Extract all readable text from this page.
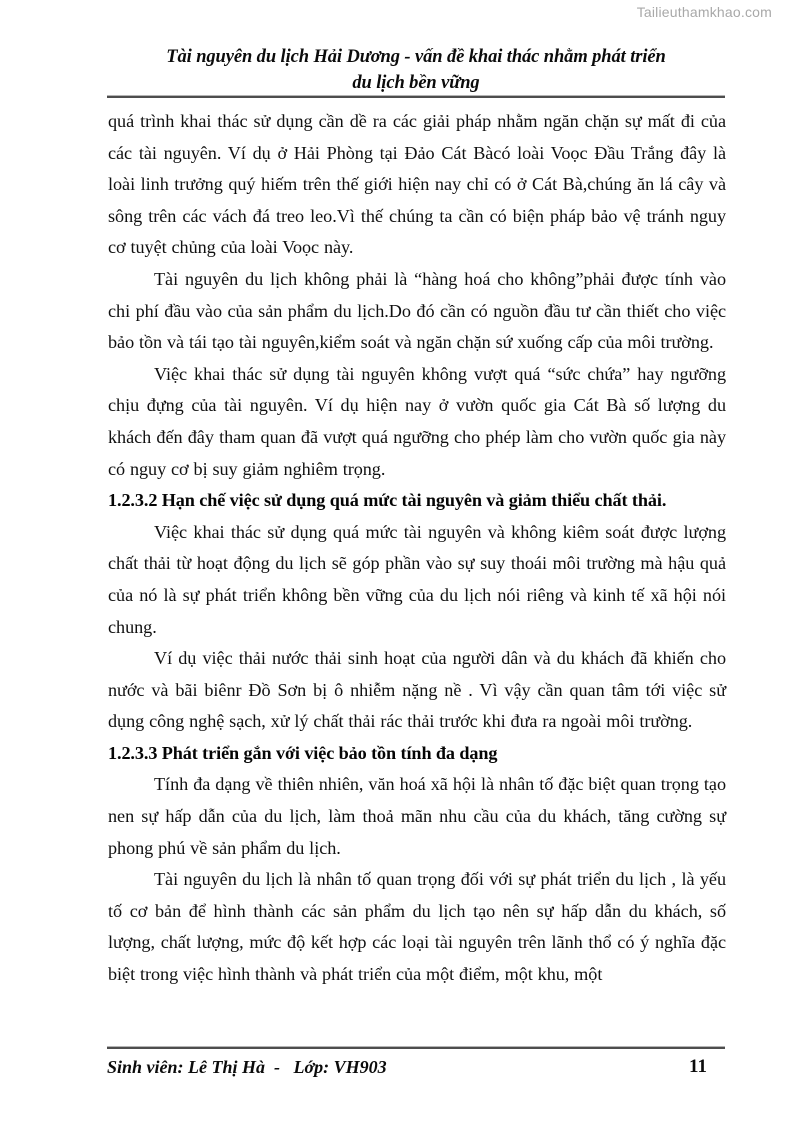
Tailieuthamkhao.com
Tài nguyên du lịch Hải Dương - vấn đề khai thác nhằm phát triển
du lịch bền vững

quá trình khai thác sử dụng cần dề ra các giải pháp nhằm ngăn chặn sự mất đi của các tài nguyên. Ví dụ ở Hải Phòng tại Đảo Cát Bàcó loài Voọc Đầu Trắng đây là loài linh trưởng quý hiếm trên thế giới hiện nay chỉ có ở Cát Bà,chúng ăn lá cây và sông trên các vách đá treo leo.Vì thế chúng ta cần có biện pháp bảo vệ tránh nguy cơ tuyệt chủng của loài Voọc này.

Tài nguyên du lịch không phải là “hàng hoá cho không”phải được tính vào chi phí đầu vào của sản phẩm du lịch.Do đó cần có nguồn đầu tư cần thiết cho việc bảo tồn và tái tạo tài nguyên,kiểm soát và ngăn chặn sứ xuống cấp của môi trường.

Việc khai thác sử dụng tài nguyên không vượt quá “sức chứa” hay ngưỡng chịu đựng của tài nguyên. Ví dụ hiện nay ở vườn quốc gia Cát Bà số lượng du khách đến đây tham quan đã vượt quá ngưỡng cho phép làm cho vườn quốc gia này có nguy cơ bị suy giảm nghiêm trọng.

1.2.3.2 Hạn chế việc sử dụng quá mức tài nguyên và giảm thiểu chất thải.

Việc khai thác sử dụng quá mức tài nguyên và không kiêm soát được lượng chất thải từ hoạt động du lịch sẽ góp phần vào sự suy thoái môi trường mà hậu quả của nó là sự phát triển không bền vững của du lịch nói riêng và kinh tế xã hội nói chung.

Ví dụ việc thải nước thải sinh hoạt của người dân và du khách đã khiến cho nước và bãi biênr Đồ Sơn bị ô nhiễm nặng nề . Vì vậy cần quan tâm tới việc sử dụng công nghệ sạch, xử lý chất thải rác thải trước khi đưa ra ngoài môi trường.

1.2.3.3 Phát triển gắn với việc bảo tồn tính đa dạng

Tính đa dạng về thiên nhiên, văn hoá xã hội là nhân tố đặc biệt quan trọng tạo nen sự hấp dẫn của du lịch, làm thoả mãn nhu cầu của du khách, tăng cường sự phong phú về sản phẩm du lịch.

Tài nguyên du lịch là nhân tố quan trọng đối với sự phát triển du lịch , là yếu tố cơ bản để hình thành các sản phẩm du lịch tạo nên sự hấp dẫn du khách, số lượng, chất lượng, mức độ kết hợp các loại tài nguyên trên lãnh thổ có ý nghĩa đặc biệt trong việc hình thành và phát triển của một điểm, một khu, một

Sinh viên: Lê Thị Hà  -   Lớp: VH903	11
